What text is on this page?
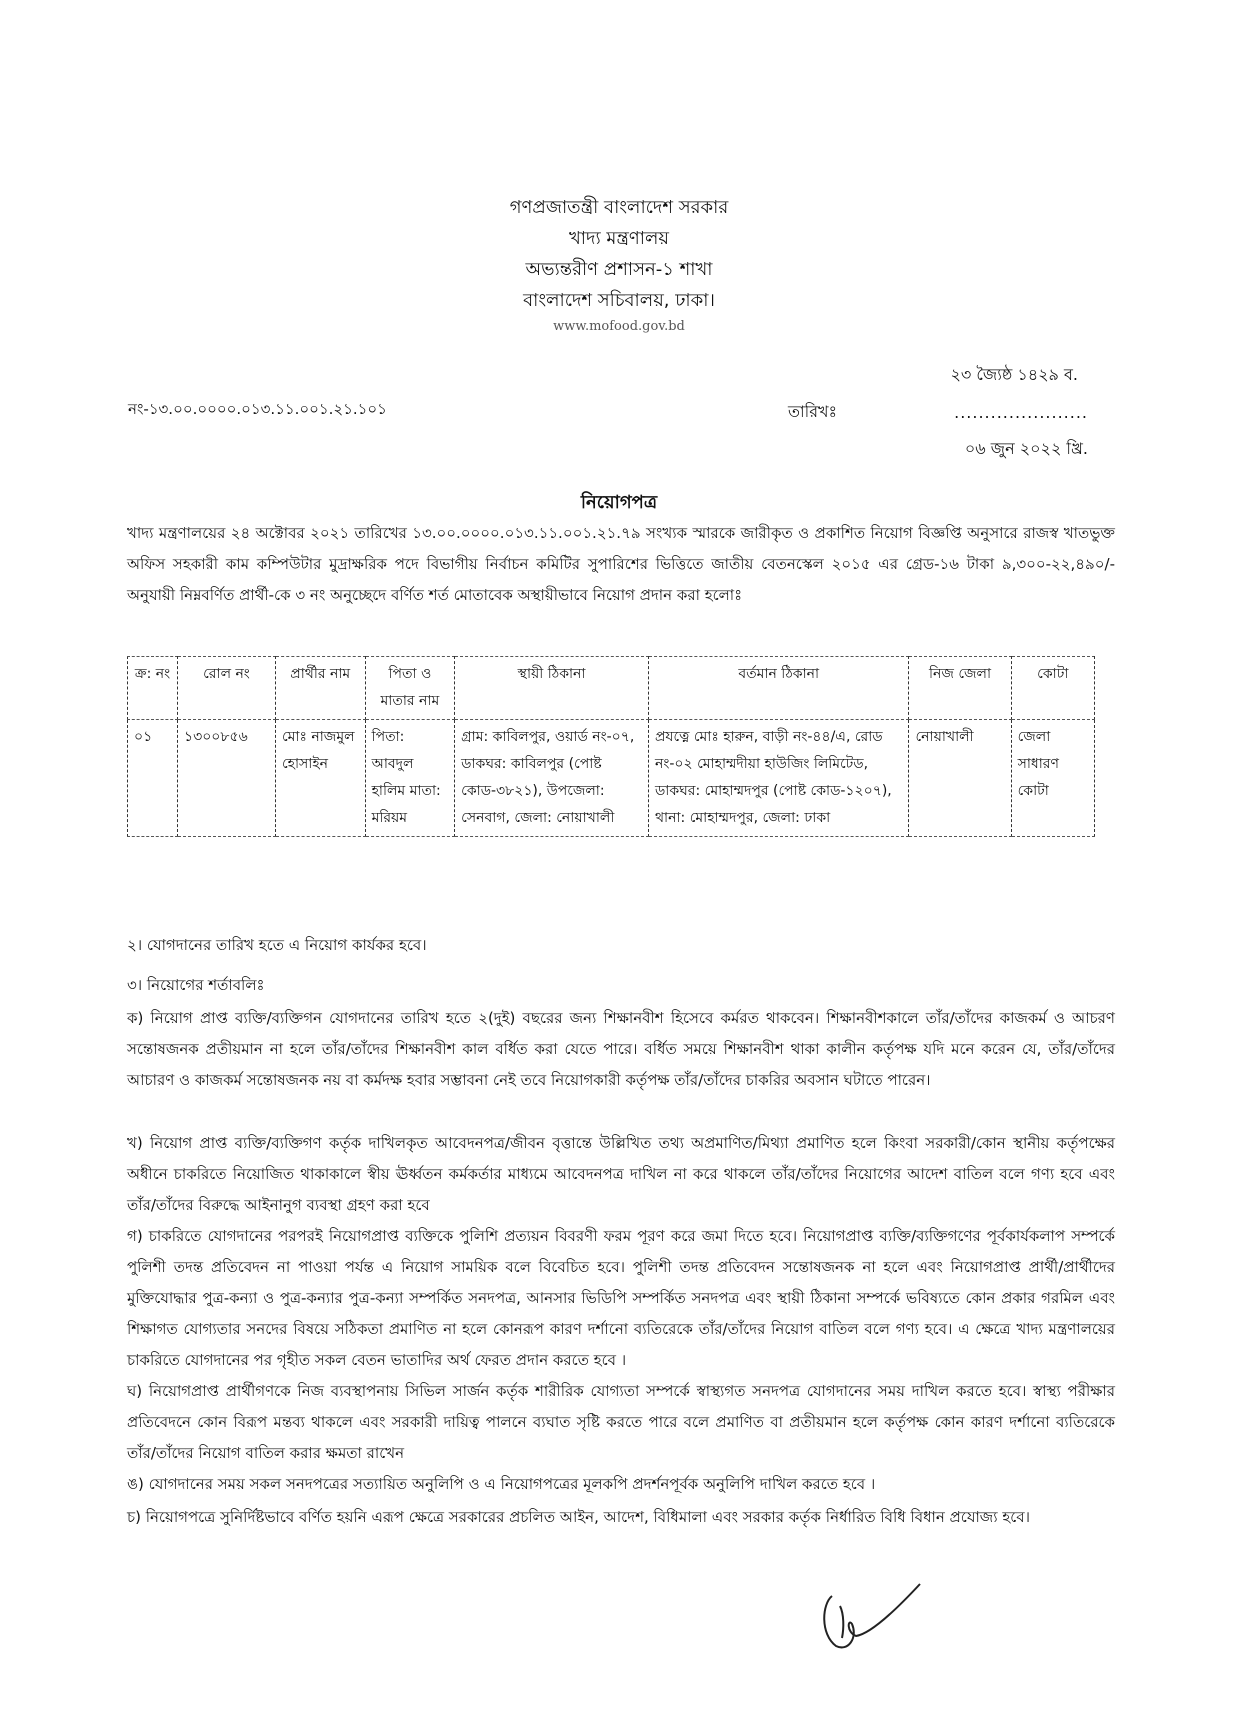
গণপ্রজাতন্ত্রী বাংলাদেশ সরকার
খাদ্য মন্ত্রণালয়
অভ্যন্তরীণ প্রশাসন-১ শাখা
বাংলাদেশ সচিবালয়, ঢাকা।
www.mofood.gov.bd
নং-১৩.০০.০০০০.০১৩.১১.০০১.২১.১০১
২৩ জ্যৈষ্ঠ ১৪২৯ ব.
তারিখঃ	......................
০৬ জুন ২০২২ খ্রি.
নিয়োগপত্র
খাদ্য মন্ত্রণালয়ের ২৪ অক্টোবর ২০২১ তারিখের ১৩.০০.০০০০.০১৩.১১.০০১.২১.৭৯ সংখ্যক স্মারকে জারীকৃত ও প্রকাশিত নিয়োগ বিজ্ঞপ্তি অনুসারে রাজস্ব খাতভুক্ত অফিস সহকারী কাম কম্পিউটার মুদ্রাক্ষরিক পদে বিভাগীয় নির্বাচন কমিটির সুপারিশের ভিত্তিতে জাতীয় বেতনস্কেল ২০১৫ এর গ্রেড-১৬ টাকা ৯,৩০০-২২,৪৯০/- অনুযায়ী নিম্নবর্ণিত প্রার্থী-কে ৩ নং অনুচ্ছেদে বর্ণিত শর্ত মোতাবেক অস্থায়ীভাবে নিয়োগ প্রদান করা হলোঃ
ক্র: নং	রোল নং	প্রার্থীর নাম	পিতা ও মাতার নাম	স্থায়ী ঠিকানা	বর্তমান ঠিকানা	নিজ জেলা	কোটা
০১	১৩০০৮৫৬	মোঃ নাজমুল হোসাইন	পিতা: আবদুল হালিম মাতা: মরিয়ম	গ্রাম: কাবিলপুর, ওয়ার্ড নং-০৭, ডাকঘর: কাবিলপুর (পোষ্ট কোড-৩৮২১), উপজেলা: সেনবাগ, জেলা: নোয়াখালী	প্রযত্নে মোঃ হারুন, বাড়ী নং-৪৪/এ, রোড নং-০২ মোহাম্মদীয়া হাউজিং লিমিটেড, ডাকঘর: মোহাম্মদপুর (পোষ্ট কোড-১২০৭), থানা: মোহাম্মদপুর, জেলা: ঢাকা	নোয়াখালী	জেলা সাধারণ কোটা
২। যোগদানের তারিখ হতে এ নিয়োগ কার্যকর হবে।
৩। নিয়োগের শর্তাবলিঃ
ক) নিয়োগ প্রাপ্ত ব্যক্তি/ব্যক্তিগন যোগদানের তারিখ হতে ২(দুই) বছরের জন্য শিক্ষানবীশ হিসেবে কর্মরত থাকবেন। শিক্ষানবীশকালে তাঁর/তাঁদের কাজকর্ম ও আচরণ সন্তোষজনক প্রতীয়মান না হলে তাঁর/তাঁদের শিক্ষানবীশ কাল বর্ধিত করা যেতে পারে। বর্ধিত সময়ে শিক্ষানবীশ থাকা কালীন কর্তৃপক্ষ যদি মনে করেন যে, তাঁর/তাঁদের আচারণ ও কাজকর্ম সন্তোষজনক নয় বা কর্মদক্ষ হবার সম্ভাবনা নেই তবে নিয়োগকারী কর্তৃপক্ষ তাঁর/তাঁদের চাকরির অবসান ঘটাতে পারেন।
খ) নিয়োগ প্রাপ্ত ব্যক্তি/ব্যক্তিগণ কর্তৃক দাখিলকৃত আবেদনপত্র/জীবন বৃত্তান্তে উল্লিখিত তথ্য অপ্রমাণিত/মিথ্যা প্রমাণিত হলে কিংবা সরকারী/কোন স্থানীয় কর্তৃপক্ষের অধীনে চাকরিতে নিয়োজিত থাকাকালে স্বীয় ঊর্ধ্বতন কর্মকর্তার মাধ্যমে আবেদনপত্র দাখিল না করে থাকলে তাঁর/তাঁদের নিয়োগের আদেশ বাতিল বলে গণ্য হবে এবং তাঁর/তাঁদের বিরুদ্ধে আইনানুগ ব্যবস্থা গ্রহণ করা হবে
গ) চাকরিতে যোগদানের পরপরই নিয়োগপ্রাপ্ত ব্যক্তিকে পুলিশি প্রত্যয়ন বিবরণী ফরম পূরণ করে জমা দিতে হবে। নিয়োগপ্রাপ্ত ব্যক্তি/ব্যক্তিগণের পূর্বকার্যকলাপ সম্পর্কে পুলিশী তদন্ত প্রতিবেদন না পাওয়া পর্যন্ত এ নিয়োগ সাময়িক বলে বিবেচিত হবে। পুলিশী তদন্ত প্রতিবেদন সন্তোষজনক না হলে এবং নিয়োগপ্রাপ্ত প্রার্থী/প্রার্থীদের মুক্তিযোদ্ধার পুত্র-কন্যা ও পুত্র-কন্যার পুত্র-কন্যা সম্পর্কিত সনদপত্র, আনসার ভিডিপি সম্পর্কিত সনদপত্র এবং স্থায়ী ঠিকানা সম্পর্কে ভবিষ্যতে কোন প্রকার গরমিল এবং শিক্ষাগত যোগ্যতার সনদের বিষয়ে সঠিকতা প্রমাণিত না হলে কোনরূপ কারণ দর্শানো ব্যতিরেকে তাঁর/তাঁদের নিয়োগ বাতিল বলে গণ্য হবে। এ ক্ষেত্রে খাদ্য মন্ত্রণালয়ের চাকরিতে যোগদানের পর গৃহীত সকল বেতন ভাতাদির অর্থ ফেরত প্রদান করতে হবে ।
ঘ) নিয়োগপ্রাপ্ত প্রার্থীগণকে নিজ ব্যবস্থাপনায় সিভিল সার্জন কর্তৃক শারীরিক যোগ্যতা সম্পর্কে স্বাস্থ্যগত সনদপত্র যোগদানের সময় দাখিল করতে হবে। স্বাস্থ্য পরীক্ষার প্রতিবেদনে কোন বিরূপ মন্তব্য থাকলে এবং সরকারী দায়িত্ব পালনে ব্যঘাত সৃষ্টি করতে পারে বলে প্রমাণিত বা প্রতীয়মান হলে কর্তৃপক্ষ কোন কারণ দর্শানো ব্যতিরেকে তাঁর/তাঁদের নিয়োগ বাতিল করার ক্ষমতা রাখেন
ঙ) যোগদানের সময় সকল সনদপত্রের সত্যায়িত অনুলিপি ও এ নিয়োগপত্রের মূলকপি প্রদর্শনপূর্বক অনুলিপি দাখিল করতে হবে ।
চ) নিয়োগপত্রে সুনির্দিষ্টভাবে বর্ণিত হয়নি এরূপ ক্ষেত্রে সরকারের প্রচলিত আইন, আদেশ, বিধিমালা এবং সরকার কর্তৃক নির্ধারিত বিধি বিধান প্রযোজ্য হবে।
